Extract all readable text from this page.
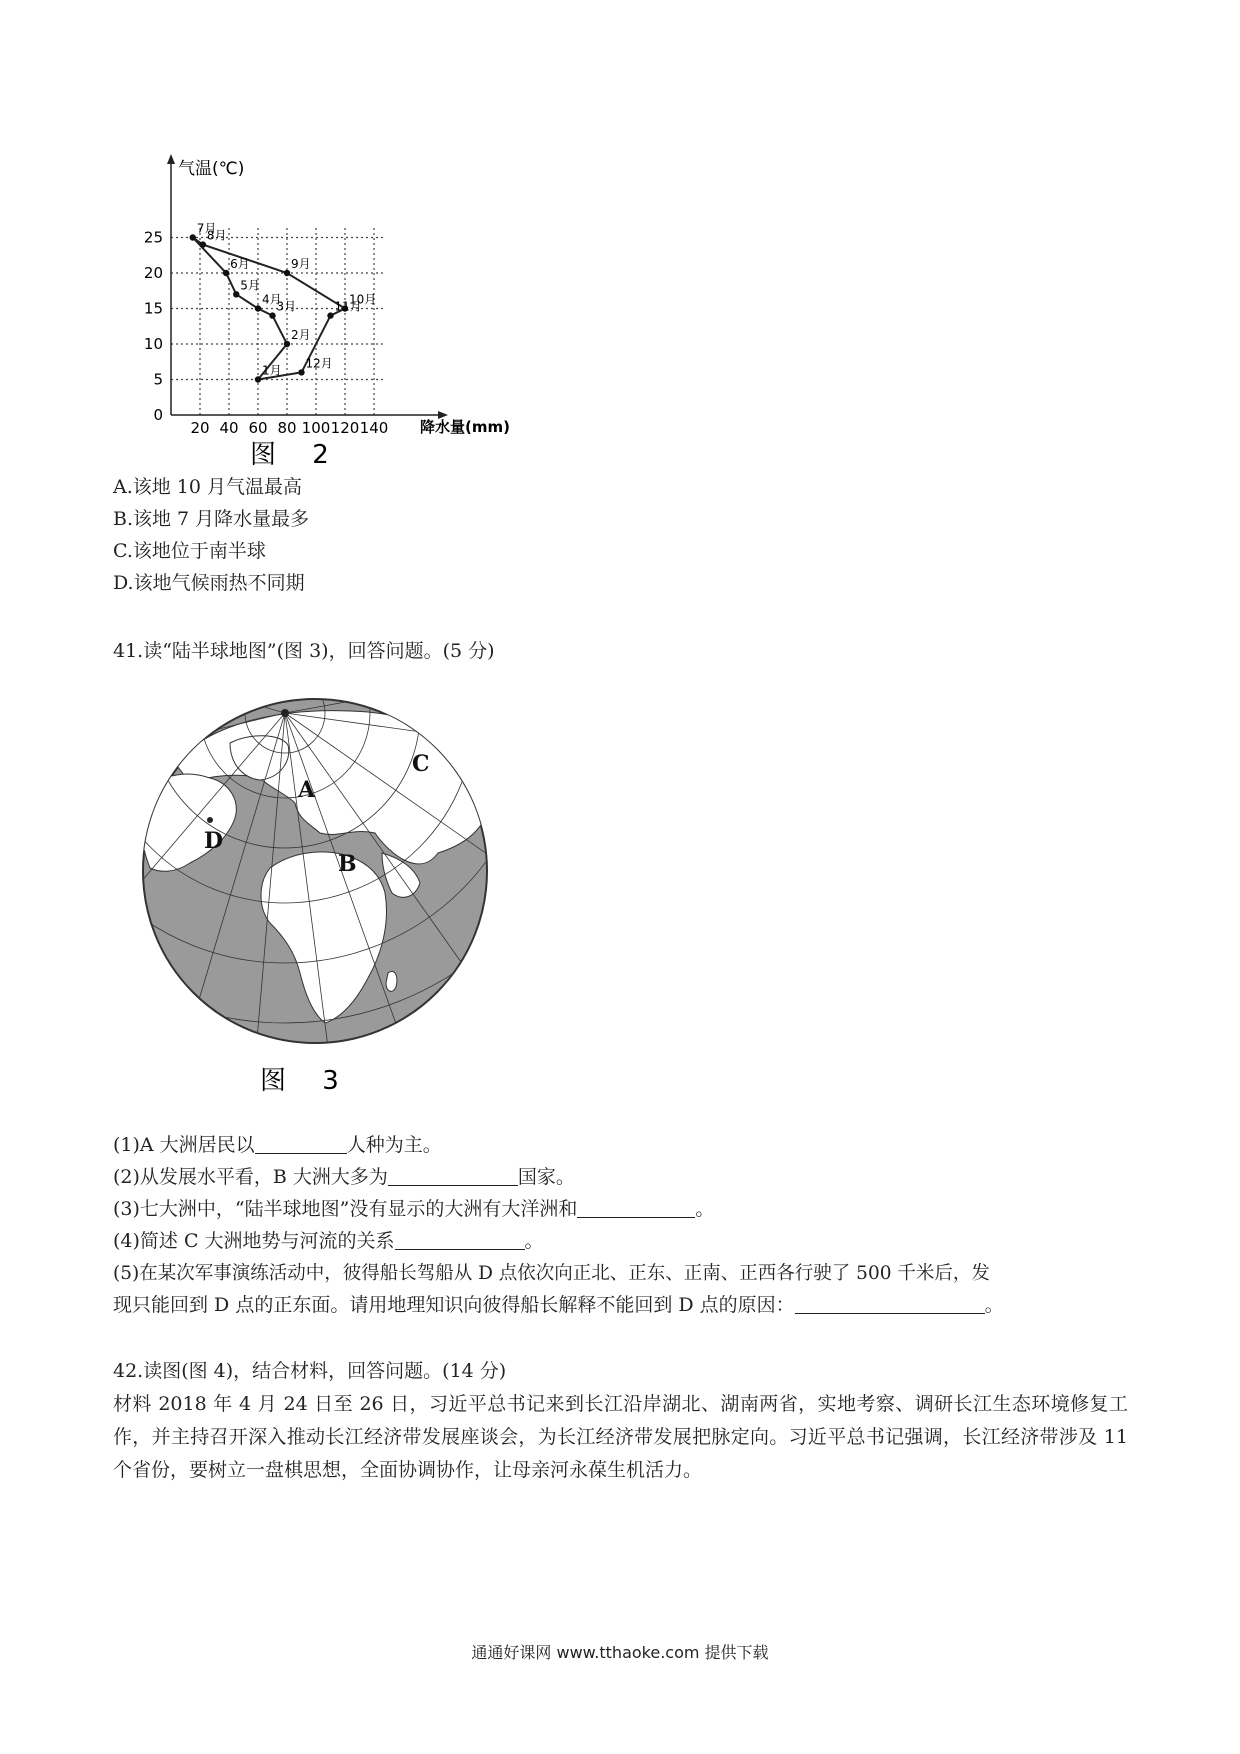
气温(℃)
降水量(mm)
20 40 60 80 100 120 140
0
5
10
15
20
25
1月
2月
3月
4月
5月
6月
7月
8月
9月
10月
11月
12月
图 2
A.该地 10 月气温最高
B.该地 7 月降水量最多
C.该地位于南半球
D.该地气候雨热不同期
41.读“陆半球地图”(图 3)，回答问题。(5 分)
A
B
C
D
图 3
(1)A 大洲居民以	人种为主。
(2)从发展水平看，B 大洲大多为	国家。
(3)七大洲中，“陆半球地图”没有显示的大洲有大洋洲和	。
(4)简述 C 大洲地势与河流的关系	。
(5)在某次军事演练活动中，彼得船长驾船从 D 点依次向正北、正东、正南、正西各行驶了 500 千米后，发
现只能回到 D 点的正东面。请用地理知识向彼得船长解释不能回到 D 点的原因：	。
42.读图(图 4)，结合材料，回答问题。(14 分)
材料 2018 年 4 月 24 日至 26 日，习近平总书记来到长江沿岸湖北、湖南两省，实地考察、调研长江生态环境修复工作，并主持召开深入推动长江经济带发展座谈会，为长江经济带发展把脉定向。习近平总书记强调，长江经济带涉及 11 个省份，要树立一盘棋思想，全面协调协作，让母亲河永葆生机活力。
通通好课网 www.tthaoke.com 提供下载
